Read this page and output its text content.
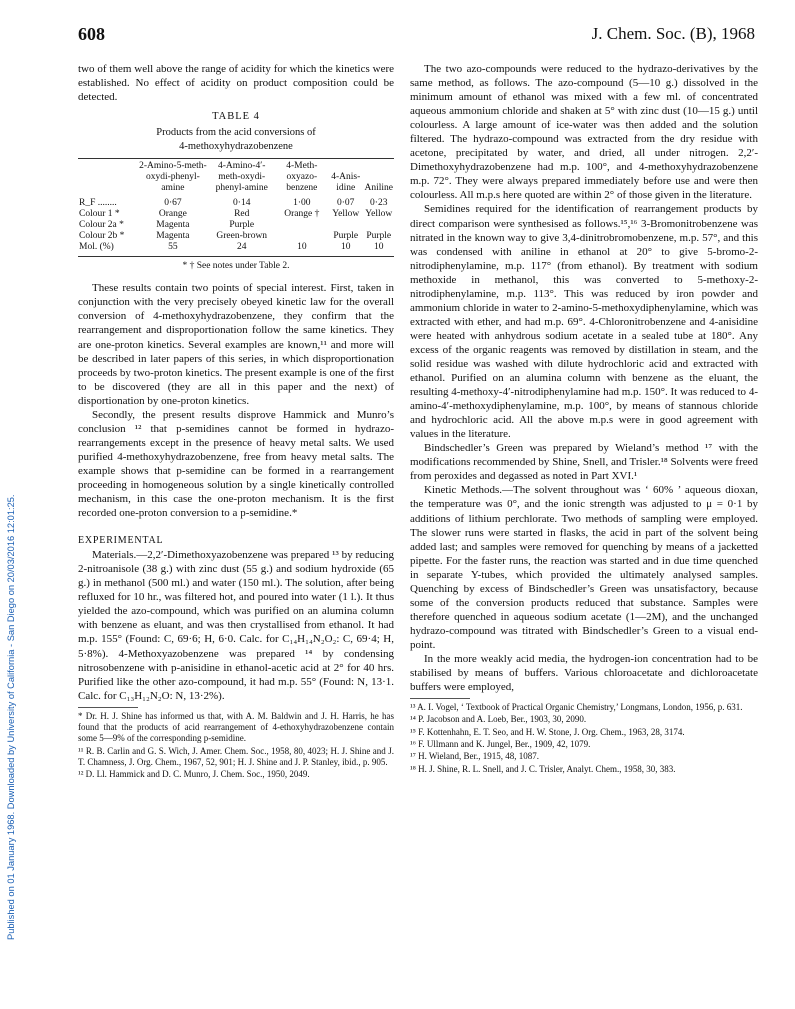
Published on 01 January 1968. Downloaded by University of California - San Diego on 20/03/2016 12:01:25.
608	J. Chem. Soc. (B), 1968

two of them well above the range of acidity for which the kinetics were established. No effect of acidity on product composition could be detected.

TABLE 4
Products from the acid conversions of
4-methoxyhydrazobenzene
	2-Amino-5-meth-oxydi-phenyl-amine	4-Amino-4′-meth-oxydi-phenyl-amine	4-Meth-oxyazo-benzene	4-Anis-idine	Aniline
R_F ........	0·67	0·14	1·00	0·07	0·23
Colour 1 *	Orange	Red	Orange †	Yellow	Yellow
Colour 2a *	Magenta	Purple			
Colour 2b *	Magenta	Green-brown		Purple	Purple
Mol. (%)	55	24	10	10	10
* † See notes under Table 2.

These results contain two points of special interest. First, taken in conjunction with the very precisely obeyed kinetic law for the overall conversion of 4-methoxyhydrazobenzene, they confirm that the rearrangement and disproportionation follow the same kinetics. They are one-proton kinetics. Several examples are known,¹¹ and more will be described in later papers of this series, in which disproportionation proceeds by two-proton kinetics. The present example is one of the first to be discovered (they are all in this paper and the next) of disportionation by one-proton kinetics.

Secondly, the present results disprove Hammick and Munro’s conclusion ¹² that p-semidines cannot be formed in hydrazo-rearrangements except in the presence of heavy metal salts. We used purified 4-methoxyhydrazobenzene, free from heavy metal salts. The example shows that p-semidine can be formed in a rearrangement proceeding in homogeneous solution by a single kinetically controlled mechanism, in this case the one-proton mechanism. It is the first recorded one-proton conversion to a p-semidine.*

EXPERIMENTAL

Materials.—2,2′-Dimethoxyazobenzene was prepared ¹³ by reducing 2-nitroanisole (38 g.) with zinc dust (55 g.) and sodium hydroxide (65 g.) in methanol (500 ml.) and water (150 ml.). The solution, after being refluxed for 10 hr., was filtered hot, and poured into water (1 l.). It thus yielded the azo-compound, which was purified on an alumina column with benzene as eluant, and was then crystallised from ethanol. It had m.p. 155° (Found: C, 69·6; H, 6·0. Calc. for C₁₄H₁₄N₂O₂: C, 69·4; H, 5·8%). 4-Methoxyazobenzene was prepared ¹⁴ by condensing nitrosobenzene with p-anisidine in ethanol-acetic acid at 2° for 40 hrs. Purified like the other azo-compound, it had m.p. 55° (Found: N, 13·1. Calc. for C₁₃H₁₂N₂O: N, 13·2%).

* Dr. H. J. Shine has informed us that, with A. M. Baldwin and J. H. Harris, he has found that the products of acid rearrangement of 4-ethoxyhydrazobenzene contain some 5—9% of the corresponding p-semidine.

¹¹ R. B. Carlin and G. S. Wich, J. Amer. Chem. Soc., 1958, 80, 4023; H. J. Shine and J. T. Chamness, J. Org. Chem., 1967, 52, 901; H. J. Shine and J. P. Stanley, ibid., p. 905.

¹² D. Ll. Hammick and D. C. Munro, J. Chem. Soc., 1950, 2049.

The two azo-compounds were reduced to the hydrazo-derivatives by the same method, as follows. The azo-compound (5—10 g.) dissolved in the minimum amount of ethanol was mixed with a few ml. of concentrated aqueous ammonium chloride and shaken at 5° with zinc dust (10—15 g.) until colourless. A large amount of ice-water was then added and the solution filtered. The hydrazo-compound was extracted from the dry residue with acetone, precipitated by water, and dried, all under nitrogen. 2,2′-Dimethoxyhydrazobenzene had m.p. 100°, and 4-methoxyhydrazobenzene m.p. 72°. They were always prepared immediately before use and were then colourless. All m.p.s here quoted are within 2° of those given in the literature.

Semidines required for the identification of rearrangement products by direct comparison were synthesised as follows.¹⁵,¹⁶ 3-Bromonitrobenzene was nitrated in the known way to give 3,4-dinitrobromobenzene, m.p. 57°, and this was condensed with aniline in ethanol at 20° to give 5-bromo-2-nitrodiphenylamine, m.p. 117° (from ethanol). By treatment with sodium methoxide in methanol, this was converted to 5-methoxy-2-nitrodiphenylamine, m.p. 113°. This was reduced by iron powder and ammonium chloride in water to 2-amino-5-methoxydiphenylamine, which was extracted with ether, and had m.p. 69°. 4-Chloronitrobenzene and 4-anisidine were heated with anhydrous sodium acetate in a sealed tube at 180°. Any excess of the organic reagents was removed by distillation in steam, and the solid residue was washed with dilute hydrochloric acid and extracted with ethanol. Purified on an alumina column with benzene as the eluant, the resulting 4-methoxy-4′-nitrodiphenylamine had m.p. 150°. It was reduced to 4-amino-4′-methoxydiphenylamine, m.p. 100°, by means of stannous chloride and hydrochloric acid. All the above m.p.s were in good agreement with values in the literature.

Bindschedler’s Green was prepared by Wieland’s method ¹⁷ with the modifications recommended by Shine, Snell, and Trisler.¹⁸ Solvents were freed from peroxides and degassed as noted in Part XVI.¹

Kinetic Methods.—The solvent throughout was ‘ 60% ’ aqueous dioxan, the temperature was 0°, and the ionic strength was adjusted to μ = 0·1 by additions of lithium perchlorate. Two methods of sampling were employed. The slower runs were started in flasks, the acid in part of the solvent being added last; and samples were removed for quenching by means of a jacketted pipette. For the faster runs, the reaction was started and in due time quenched in separate Y-tubes, which provided the ultimately analysed samples. Quenching by excess of Bindschedler’s Green was unsatisfactory, because some of the conversion products reduced that substance. Samples were therefore quenched in aqueous sodium acetate (1—2M), and the unchanged hydrazo-compound was titrated with Bindschedler’s Green to a visual end-point.

In the more weakly acid media, the hydrogen-ion concentration had to be stabilised by means of buffers. Various chloroacetate and dichloroacetate buffers were employed,

¹³ A. I. Vogel, ‘ Textbook of Practical Organic Chemistry,’ Longmans, London, 1956, p. 631.

¹⁴ P. Jacobson and A. Loeb, Ber., 1903, 30, 2090.

¹⁵ F. Kottenhahn, E. T. Seo, and H. W. Stone, J. Org. Chem., 1963, 28, 3174.

¹⁶ F. Ullmann and K. Jungel, Ber., 1909, 42, 1079.

¹⁷ H. Wieland, Ber., 1915, 48, 1087.

¹⁸ H. J. Shine, R. L. Snell, and J. C. Trisler, Analyt. Chem., 1958, 30, 383.
